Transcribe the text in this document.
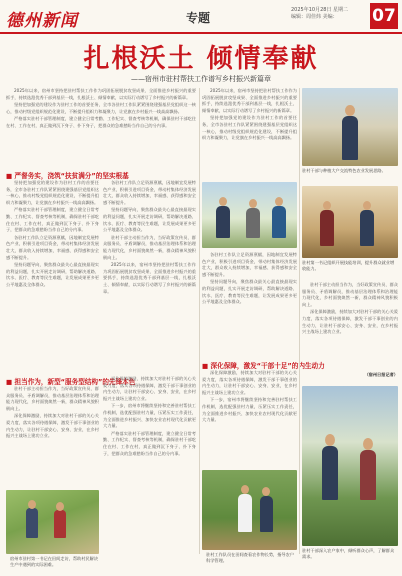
德州新闻	专题
2025年10月28日 星期二
编辑：周佳炜 美编：	07
扎根沃土 倾情奉献
——宿州市驻村帮扶工作谱写乡村振兴新篇章

2025年以来，宿州市坚持把驻村帮扶工作作为巩固拓展脱贫攻坚成果、全面推进乡村振兴的重要抓手，持续选派优秀干部到基层一线，扎根沃土、倾情奉献，以实际行动谱写了乡村振兴的新篇章。

坚持把加强党的建设作为驻村工作的首要任务，全市各驻村工作队紧紧围绕建强基层党组织这一核心，推动村级党组织规范化建设，不断提升组织力和凝聚力，让党旗在乡村振兴一线高高飘扬。

严格落实驻村干部管理制度，建立健全日常考勤、工作纪实、督查考核等机制，确保驻村干部吃住在村、工作在村，真正做到沉下身子、扑下身子，把群众的急难愁盼当作自己的分内事。

■ 严督务实，浇筑“扶贫满分”的坚实根基

坚持把加强党的建设作为驻村工作的首要任务，全市各驻村工作队紧紧围绕建强基层党组织这一核心，推动村级党组织规范化建设，不断提升组织力和凝聚力，让党旗在乡村振兴一线高高飘扬。

严格落实驻村干部管理制度，建立健全日常考勤、工作纪实、督查考核等机制，确保驻村干部吃住在村、工作在村，真正做到沉下身子、扑下身子，把群众的急难愁盼当作自己的分内事。

各驻村工作队立足资源禀赋，因地制宜发展特色产业，积极引进项目资金，带动村集体经济发展壮大，群众收入持续增加，幸福感、获得感和安全感不断提升。

坚持问题导向，聚焦群众最关心最直接最现实的利益问题，扎实开展走访调研，帮助解决道路、饮水、医疗、教育等民生难题，让发展成果更多更公平地惠及全体群众。

各驻村工作队立足资源禀赋，因地制宜发展特色产业，积极引进项目资金，带动村集体经济发展壮大，群众收入持续增加，幸福感、获得感和安全感不断提升。

坚持问题导向，聚焦群众最关心最直接最现实的利益问题，扎实开展走访调研，帮助解决道路、饮水、医疗、教育等民生难题，让发展成果更多更公平地惠及全体群众。

驻村干部主动担当作为，当好政策宣传员、群众服务员、矛盾调解员，推动基层治理体系和治理能力现代化，乡村面貌焕然一新，群众精神风貌积极向上。

2025年以来，宿州市坚持把驻村帮扶工作作为巩固拓展脱贫攻坚成果、全面推进乡村振兴的重要抓手，持续选派优秀干部到基层一线，扎根沃土、倾情奉献，以实际行动谱写了乡村振兴的新篇章。

■ 担当作为，新型“服务型结构”的先锋本色

驻村干部主动担当作为，当好政策宣传员、群众服务员、矛盾调解员，推动基层治理体系和治理能力现代化，乡村面貌焕然一新，群众精神风貌积极向上。

深化保障激励，持续加大对驻村干部的关心关爱力度，落实各项待遇保障，激发干部干事创业的内生动力，让驻村干部安心、安身、安业，在乡村振兴主战场上建功立业。

宿州市驻村第一书记在田间走访，帮助村民解决生产中遇到的实际困难。

深化保障激励，持续加大对驻村干部的关心关爱力度，落实各项待遇保障，激发干部干事创业的内生动力，让驻村干部安心、安身、安业，在乡村振兴主战场上建功立业。

下一步，宿州市将继续坚持和完善驻村帮扶工作机制，选优配强驻村力量，压紧压实工作责任，为全面推进乡村振兴、加快农业农村现代化贡献更大力量。

严格落实驻村干部管理制度，建立健全日常考勤、工作纪实、督查考核等机制，确保驻村干部吃住在村、工作在村，真正做到沉下身子、扑下身子，把群众的急难愁盼当作自己的分内事。

2025年以来，宿州市坚持把驻村帮扶工作作为巩固拓展脱贫攻坚成果、全面推进乡村振兴的重要抓手，持续选派优秀干部到基层一线，扎根沃土、倾情奉献，以实际行动谱写了乡村振兴的新篇章。

坚持把加强党的建设作为驻村工作的首要任务，全市各驻村工作队紧紧围绕建强基层党组织这一核心，推动村级党组织规范化建设，不断提升组织力和凝聚力，让党旗在乡村振兴一线高高飘扬。

各驻村工作队立足资源禀赋，因地制宜发展特色产业，积极引进项目资金，带动村集体经济发展壮大，群众收入持续增加，幸福感、获得感和安全感不断提升。

坚持问题导向，聚焦群众最关心最直接最现实的利益问题，扎实开展走访调研，帮助解决道路、饮水、医疗、教育等民生难题，让发展成果更多更公平地惠及全体群众。

■ 深化保障，激发“干部十足”的内生动力

深化保障激励，持续加大对驻村干部的关心关爱力度，落实各项待遇保障，激发干部干事创业的内生动力，让驻村干部安心、安身、安业，在乡村振兴主战场上建功立业。

下一步，宿州市将继续坚持和完善驻村帮扶工作机制，选优配强驻村力量，压紧压实工作责任，为全面推进乡村振兴、加快农业农村现代化贡献更大力量。

驻村工作队员在田间查看农作物长势，指导农户科学管理。
驻村干部与种植大户交流特色农业发展思路。
驻村第一书记组织开展技能培训，提升群众就业增收能力。

驻村干部主动担当作为，当好政策宣传员、群众服务员、矛盾调解员，推动基层治理体系和治理能力现代化，乡村面貌焕然一新，群众精神风貌积极向上。

深化保障激励，持续加大对驻村干部的关心关爱力度，落实各项待遇保障，激发干部干事创业的内生动力，让驻村干部安心、安身、安业，在乡村振兴主战场上建功立业。

（宿州日报记者）
驻村干部深入农户家中，倾听群众心声，了解群众需求。
